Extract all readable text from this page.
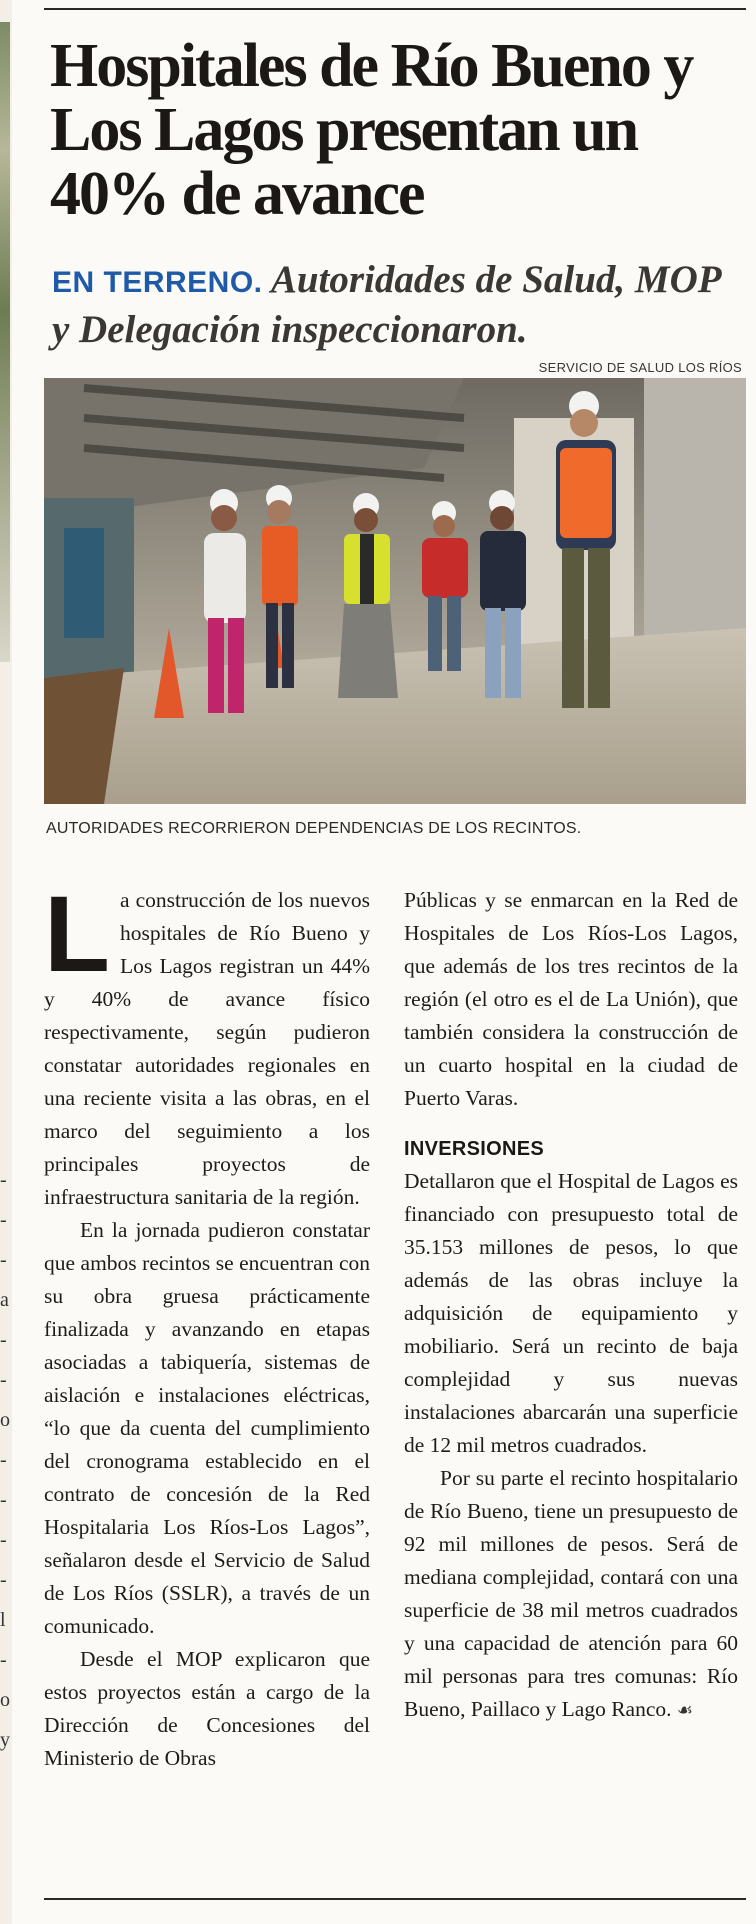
-
-
-
a
-
-
o
-
-
-
-
l
-
o
y
Hospitales de Río Bueno y Los Lagos presentan un 40% de avance

EN TERRENO. Autoridades de Salud, MOP y Delegación inspeccionaron.

SERVICIO DE SALUD LOS RÍOS
AUTORIDADES RECORRIERON DEPENDENCIAS DE LOS RECINTOS.

La construcción de los nuevos hospitales de Río Bueno y Los Lagos registran un 44% y 40% de avance físico respectivamente, según pudieron constatar autoridades regionales en una reciente visita a las obras, en el marco del seguimiento a los principales proyectos de infraestructura sanitaria de la región.

En la jornada pudieron constatar que ambos recintos se encuentran con su obra gruesa prácticamente finalizada y avanzando en etapas asociadas a tabiquería, sistemas de aislación e instalaciones eléctricas, “lo que da cuenta del cumplimiento del cronograma establecido en el contrato de concesión de la Red Hospitalaria Los Ríos-Los Lagos”, señalaron desde el Servicio de Salud de Los Ríos (SSLR), a través de un comunicado.

Desde el MOP explicaron que estos proyectos están a cargo de la Dirección de Concesiones del Ministerio de Obras

Públicas y se enmarcan en la Red de Hospitales de Los Ríos-Los Lagos, que además de los tres recintos de la región (el otro es el de La Unión), que también considera la construcción de un cuarto hospital en la ciudad de Puerto Varas.

INVERSIONES

Detallaron que el Hospital de Lagos es financiado con presupuesto total de 35.153 millones de pesos, lo que además de las obras incluye la adquisición de equipamiento y mobiliario. Será un recinto de baja complejidad y sus nuevas instalaciones abarcarán una superficie de 12 mil metros cuadrados.

Por su parte el recinto hospitalario de Río Bueno, tiene un presupuesto de 92 mil millones de pesos. Será de mediana complejidad, contará con una superficie de 38 mil metros cuadrados y una capacidad de atención para 60 mil personas para tres comunas: Río Bueno, Paillaco y Lago Ranco. ☙
